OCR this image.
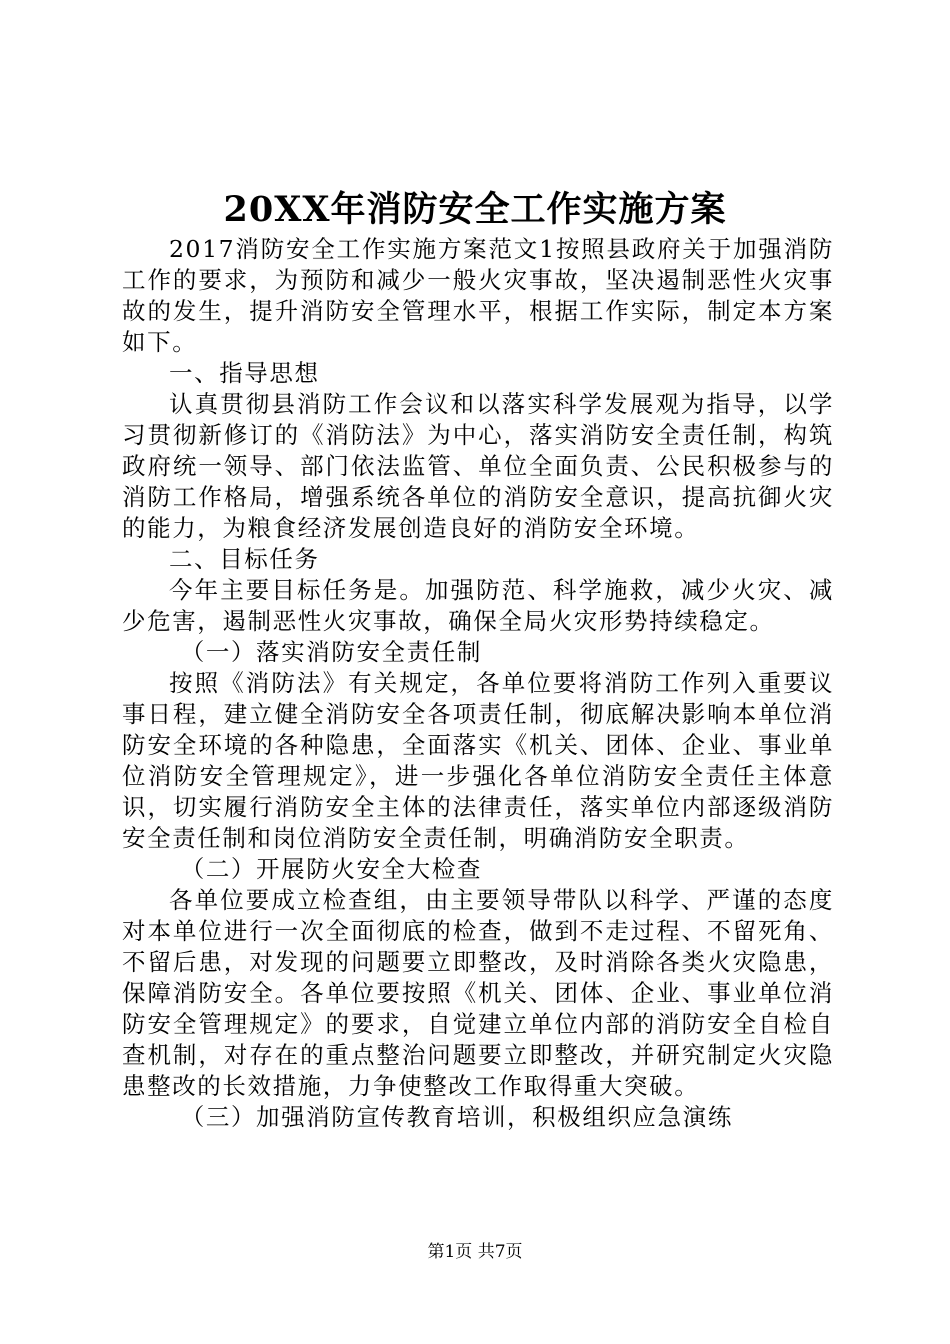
20XX年消防安全工作实施方案

2017消防安全工作实施方案范文1按照县政府关于加强消防工作的要求，为预防和减少一般火灾事故，坚决遏制恶性火灾事故的发生，提升消防安全管理水平，根据工作实际，制定本方案如下。

一、指导思想

认真贯彻县消防工作会议和以落实科学发展观为指导，以学习贯彻新修订的《消防法》为中心，落实消防安全责任制，构筑政府统一领导、部门依法监管、单位全面负责、公民积极参与的消防工作格局，增强系统各单位的消防安全意识，提高抗御火灾的能力，为粮食经济发展创造良好的消防安全环境。

二、目标任务

今年主要目标任务是。加强防范、科学施救，减少火灾、减少危害，遏制恶性火灾事故，确保全局火灾形势持续稳定。

（一）落实消防安全责任制

按照《消防法》有关规定，各单位要将消防工作列入重要议事日程，建立健全消防安全各项责任制，彻底解决影响本单位消防安全环境的各种隐患，全面落实《机关、团体、企业、事业单位消防安全管理规定》，进一步强化各单位消防安全责任主体意识，切实履行消防安全主体的法律责任，落实单位内部逐级消防安全责任制和岗位消防安全责任制，明确消防安全职责。

（二）开展防火安全大检查

各单位要成立检查组，由主要领导带队以科学、严谨的态度对本单位进行一次全面彻底的检查，做到不走过程、不留死角、不留后患，对发现的问题要立即整改，及时消除各类火灾隐患，保障消防安全。各单位要按照《机关、团体、企业、事业单位消防安全管理规定》的要求，自觉建立单位内部的消防安全自检自查机制，对存在的重点整治问题要立即整改，并研究制定火灾隐患整改的长效措施，力争使整改工作取得重大突破。

（三）加强消防宣传教育培训，积极组织应急演练

第1页 共7页
